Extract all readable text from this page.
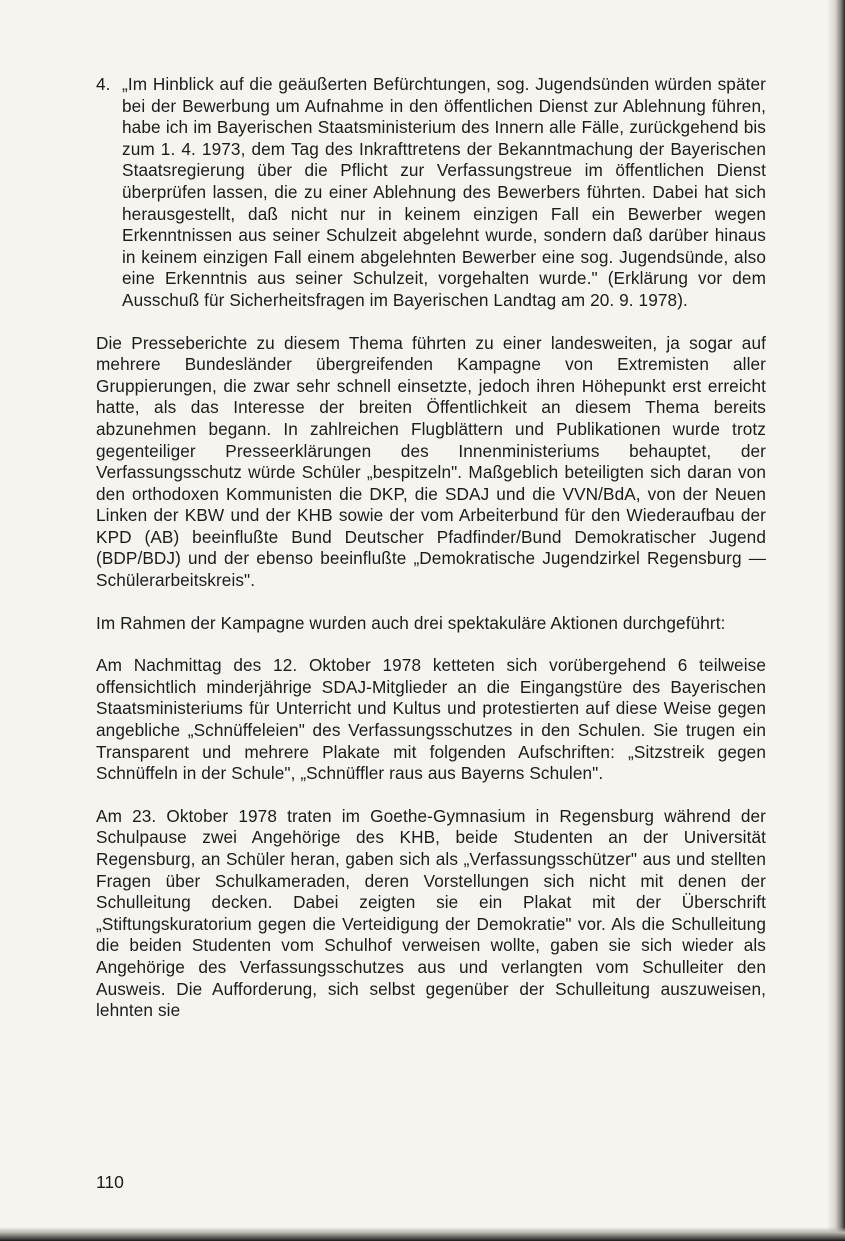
4. „Im Hinblick auf die geäußerten Befürchtungen, sog. Jugendsünden würden später bei der Bewerbung um Aufnahme in den öffentlichen Dienst zur Ablehnung führen, habe ich im Bayerischen Staatsministerium des Innern alle Fälle, zurückgehend bis zum 1. 4. 1973, dem Tag des Inkrafttretens der Bekanntmachung der Bayerischen Staatsregierung über die Pflicht zur Verfassungstreue im öffentlichen Dienst überprüfen lassen, die zu einer Ablehnung des Bewerbers führten. Dabei hat sich herausgestellt, daß nicht nur in keinem einzigen Fall ein Bewerber wegen Erkenntnissen aus seiner Schulzeit abgelehnt wurde, sondern daß darüber hinaus in keinem einzigen Fall einem abgelehnten Bewerber eine sog. Jugendsünde, also eine Erkenntnis aus seiner Schulzeit, vorgehalten wurde." (Erklärung vor dem Ausschuß für Sicherheitsfragen im Bayerischen Landtag am 20. 9. 1978).

Die Presseberichte zu diesem Thema führten zu einer landesweiten, ja sogar auf mehrere Bundesländer übergreifenden Kampagne von Extremisten aller Gruppierungen, die zwar sehr schnell einsetzte, jedoch ihren Höhepunkt erst erreicht hatte, als das Interesse der breiten Öffentlichkeit an diesem Thema bereits abzunehmen begann. In zahlreichen Flugblättern und Publikationen wurde trotz gegenteiliger Presseerklärungen des Innenministeriums behauptet, der Verfassungsschutz würde Schüler „bespitzeln". Maßgeblich beteiligten sich daran von den orthodoxen Kommunisten die DKP, die SDAJ und die VVN/BdA, von der Neuen Linken der KBW und der KHB sowie der vom Arbeiterbund für den Wiederaufbau der KPD (AB) beeinflußte Bund Deutscher Pfadfinder/Bund Demokratischer Jugend (BDP/BDJ) und der ebenso beeinflußte „Demokratische Jugendzirkel Regensburg — Schülerarbeitskreis".

Im Rahmen der Kampagne wurden auch drei spektakuläre Aktionen durchgeführt:

Am Nachmittag des 12. Oktober 1978 ketteten sich vorübergehend 6 teilweise offensichtlich minderjährige SDAJ-Mitglieder an die Eingangstüre des Bayerischen Staatsministeriums für Unterricht und Kultus und protestierten auf diese Weise gegen angebliche „Schnüffeleien" des Verfassungsschutzes in den Schulen. Sie trugen ein Transparent und mehrere Plakate mit folgenden Aufschriften: „Sitzstreik gegen Schnüffeln in der Schule", „Schnüffler raus aus Bayerns Schulen".

Am 23. Oktober 1978 traten im Goethe-Gymnasium in Regensburg während der Schulpause zwei Angehörige des KHB, beide Studenten an der Universität Regensburg, an Schüler heran, gaben sich als „Verfassungsschützer" aus und stellten Fragen über Schulkameraden, deren Vorstellungen sich nicht mit denen der Schulleitung decken. Dabei zeigten sie ein Plakat mit der Überschrift „Stiftungskuratorium gegen die Verteidigung der Demokratie" vor. Als die Schulleitung die beiden Studenten vom Schulhof verweisen wollte, gaben sie sich wieder als Angehörige des Verfassungsschutzes aus und verlangten vom Schulleiter den Ausweis. Die Aufforderung, sich selbst gegenüber der Schulleitung auszuweisen, lehnten sie

110
